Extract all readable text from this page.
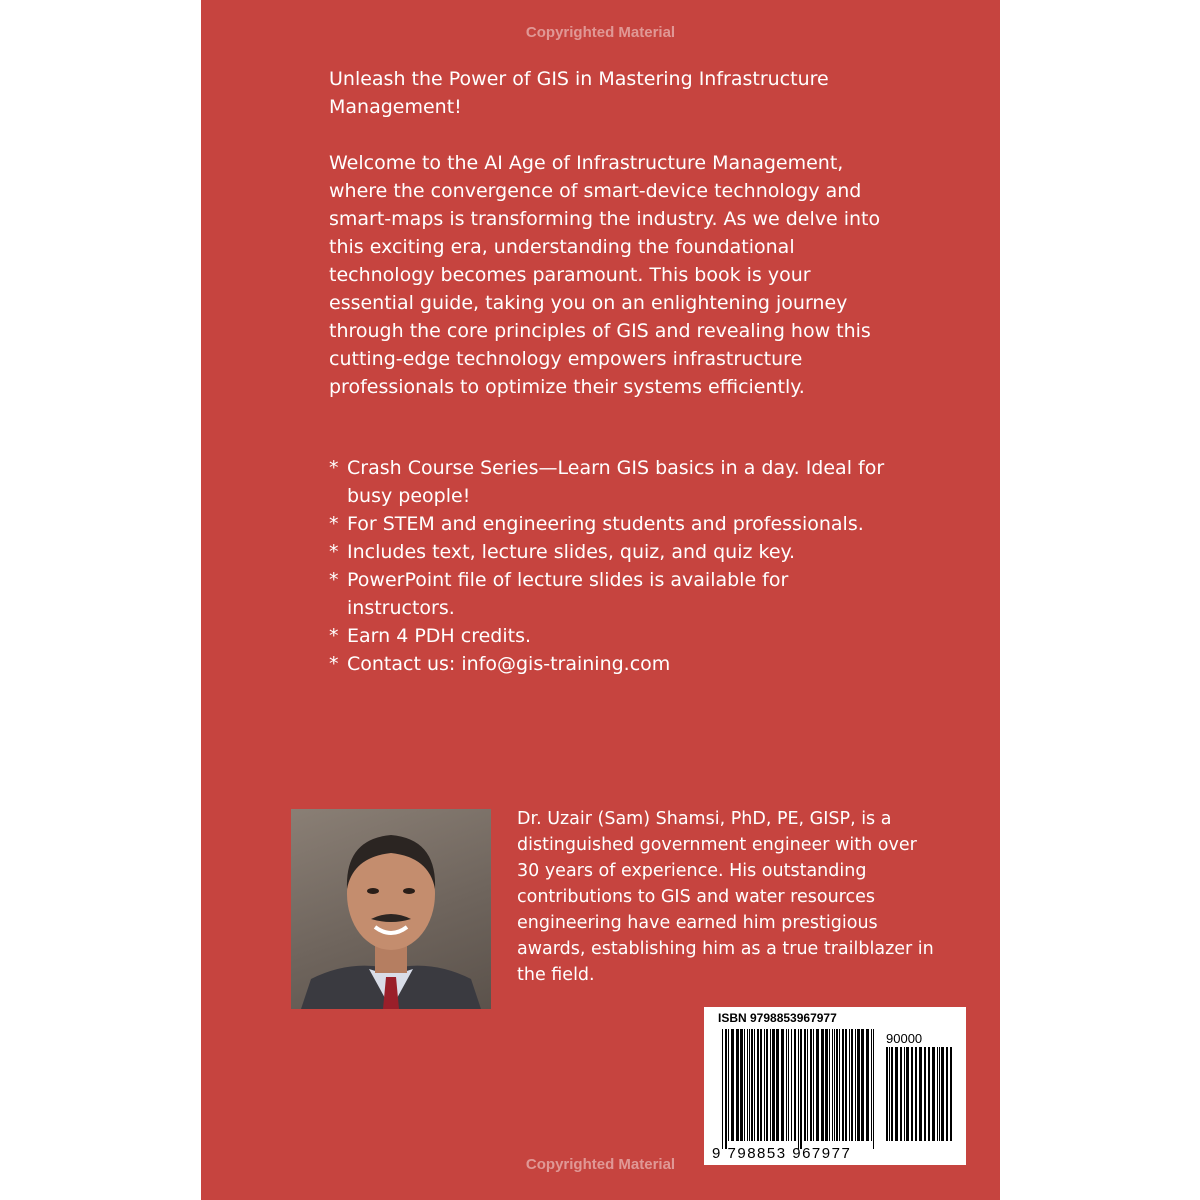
Copyrighted Material
Unleash the Power of GIS in Mastering Infrastructure Management!

Welcome to the AI Age of Infrastructure Management, where the convergence of smart-device technology and smart-maps is transforming the industry. As we delve into this exciting era, understanding the foundational technology becomes paramount. This book is your essential guide, taking you on an enlightening journey through the core principles of GIS and revealing how this cutting-edge technology empowers infrastructure professionals to optimize their systems efficiently.

* Crash Course Series—Learn GIS basics in a day. Ideal for busy people!
* For STEM and engineering students and professionals.
* Includes text, lecture slides, quiz, and quiz key.
* PowerPoint file of lecture slides is available for instructors.
* Earn 4 PDH credits.
* Contact us: info@gis-training.com

Dr. Uzair (Sam) Shamsi, PhD, PE, GISP, is a distinguished government engineer with over 30 years of experience. His outstanding contributions to GIS and water resources engineering have earned him prestigious awards, establishing him as a true trailblazer in the field.

ISBN 9798853967977
90000
9 798853 967977
Copyrighted Material
